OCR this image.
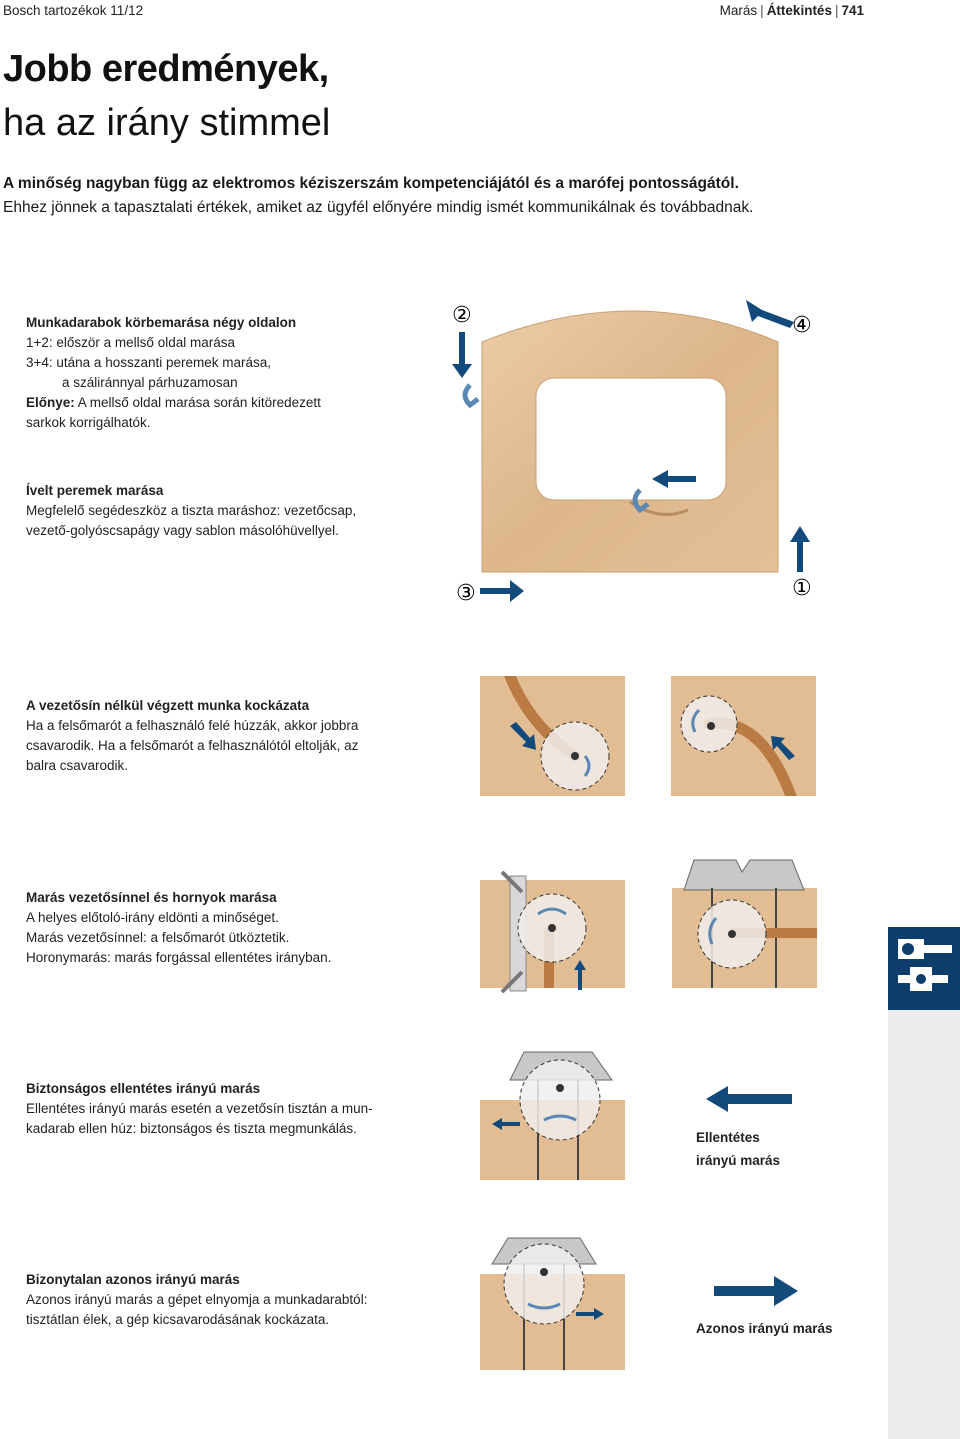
Bosch tartozékok 11/12	Marás | Áttekintés | 741
Jobb eredmények,
ha az irány stimmel
A minőség nagyban függ az elektromos kéziszerszám kompetenciájától és a marófej pontosságától.
Ehhez jönnek a tapasztalati értékek, amiket az ügyfél előnyére mindig ismét kommunikálnak és továbbadnak.
Munkadarabok körbemarása négy oldalon
1+2: először a mellső oldal marása
3+4: utána a hosszanti peremek marása,
a száliránnyal párhuzamosan
Előnye: A mellső oldal marása során kitöredezett
sarkok korrigálhatók.
Ívelt peremek marása
Megfelelő segédeszköz a tiszta maráshoz: vezetőcsap,
vezető-golyóscsapágy vagy sablon másolóhüvellyel.
②	④
③	①
A vezetősín nélkül végzett munka kockázata
Ha a felsőmarót a felhasználó felé húzzák, akkor jobbra
csavarodik. Ha a felsőmarót a felhasználótól eltolják, az
balra csavarodik.
Marás vezetősínnel és hornyok marása
A helyes előtoló-irány eldönti a minőséget.
Marás vezetősínnel: a felsőmarót ütköztetik.
Horonymarás: marás forgással ellentétes irányban.
Biztonságos ellentétes irányú marás
Ellentétes irányú marás esetén a vezetősín tisztán a mun-
kadarab ellen húz: biztonságos és tiszta megmunkálás.
Ellentétes
irányú marás
Bizonytalan azonos irányú marás
Azonos irányú marás a gépet elnyomja a munkadarabtól:
tisztátlan élek, a gép kicsavarodásának kockázata.
Azonos irányú marás
